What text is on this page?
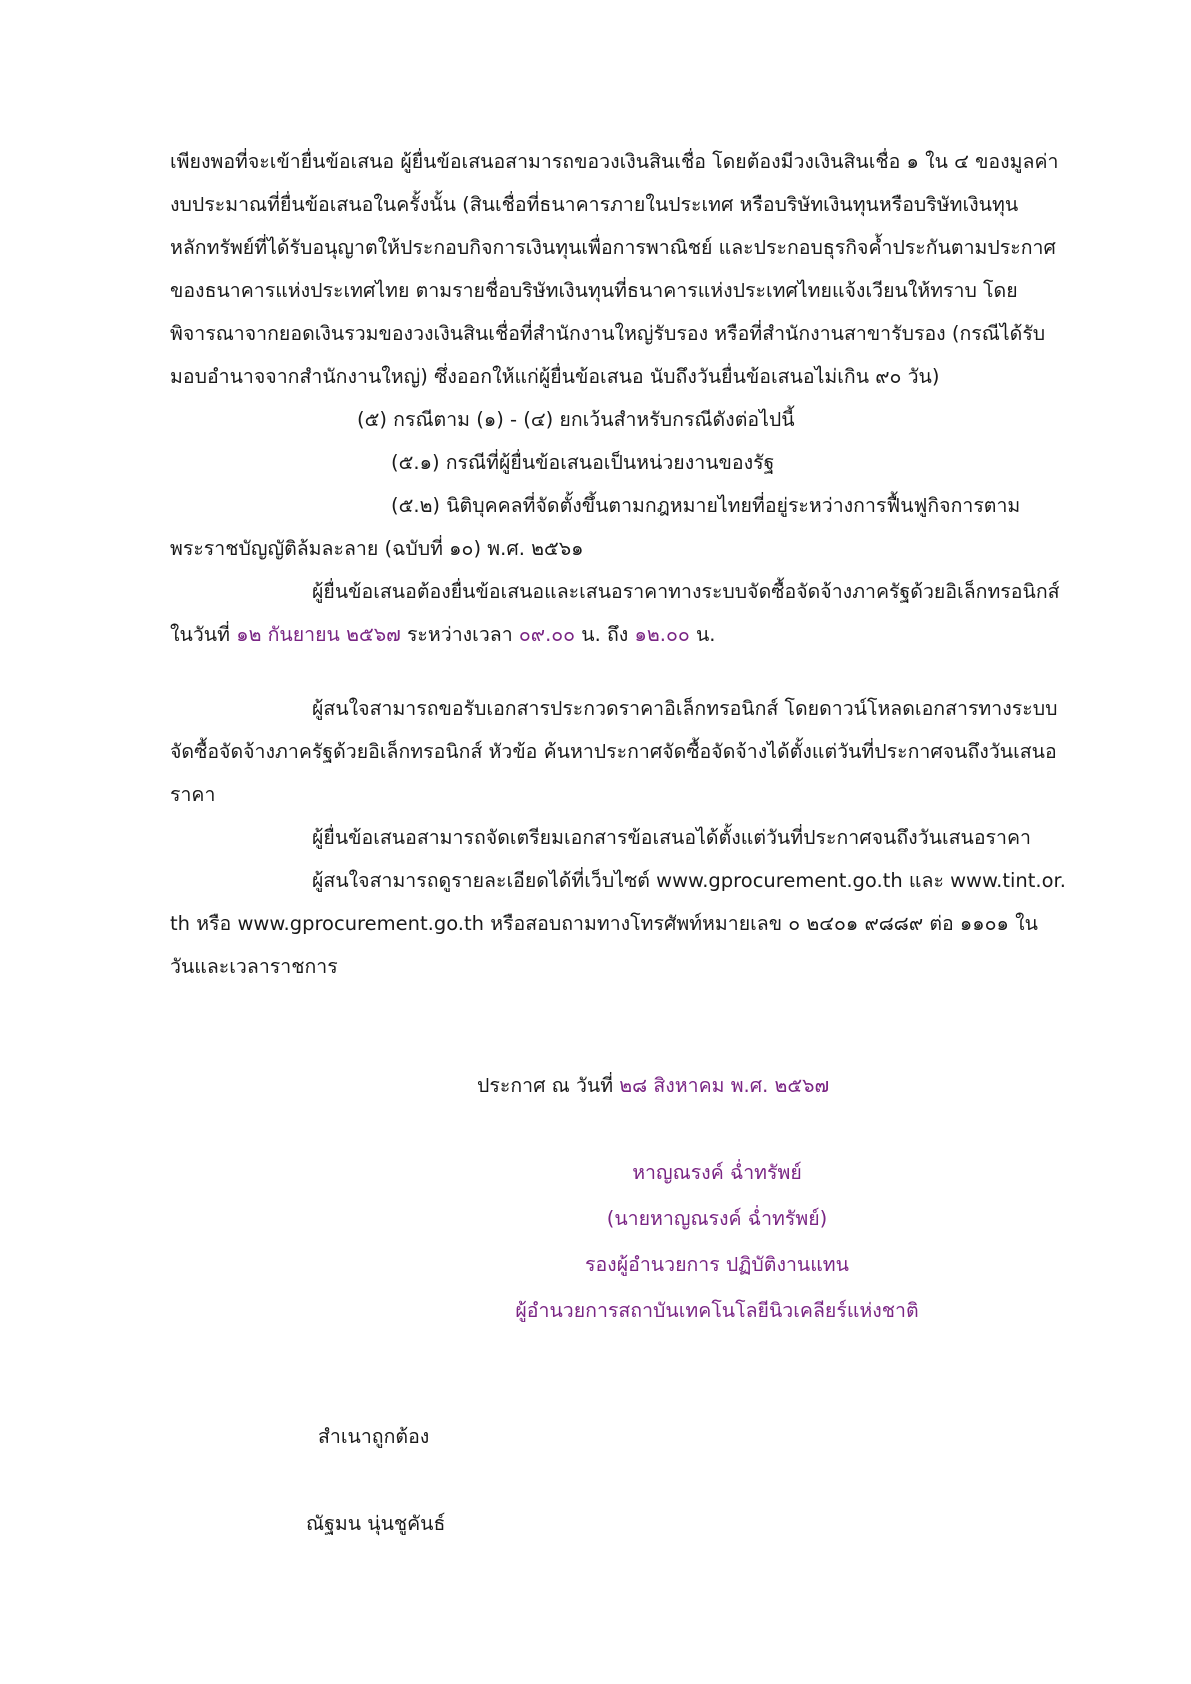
เพียงพอที่จะเข้ายื่นข้อเสนอ ผู้ยื่นข้อเสนอสามารถขอวงเงินสินเชื่อ โดยต้องมีวงเงินสินเชื่อ ๑ ใน ๔ ของมูลค่า
งบประมาณที่ยื่นข้อเสนอในครั้งนั้น (สินเชื่อที่ธนาคารภายในประเทศ หรือบริษัทเงินทุนหรือบริษัทเงินทุน
หลักทรัพย์ที่ได้รับอนุญาตให้ประกอบกิจการเงินทุนเพื่อการพาณิชย์ และประกอบธุรกิจค้ำประกันตามประกาศ
ของธนาคารแห่งประเทศไทย ตามรายชื่อบริษัทเงินทุนที่ธนาคารแห่งประเทศไทยแจ้งเวียนให้ทราบ โดย
พิจารณาจากยอดเงินรวมของวงเงินสินเชื่อที่สำนักงานใหญ่รับรอง หรือที่สำนักงานสาขารับรอง (กรณีได้รับ
มอบอำนาจจากสำนักงานใหญ่) ซึ่งออกให้แก่ผู้ยื่นข้อเสนอ นับถึงวันยื่นข้อเสนอไม่เกิน ๙๐ วัน)
(๕) กรณีตาม (๑) - (๔) ยกเว้นสำหรับกรณีดังต่อไปนี้
(๕.๑) กรณีที่ผู้ยื่นข้อเสนอเป็นหน่วยงานของรัฐ
(๕.๒) นิติบุคคลที่จัดตั้งขึ้นตามกฎหมายไทยที่อยู่ระหว่างการฟื้นฟูกิจการตาม
พระราชบัญญัติล้มละลาย (ฉบับที่ ๑๐) พ.ศ. ๒๕๖๑
ผู้ยื่นข้อเสนอต้องยื่นข้อเสนอและเสนอราคาทางระบบจัดซื้อจัดจ้างภาครัฐด้วยอิเล็กทรอนิกส์
ในวันที่ ๑๒ กันยายน ๒๕๖๗ ระหว่างเวลา ๐๙.๐๐ น. ถึง ๑๒.๐๐ น.
ผู้สนใจสามารถขอรับเอกสารประกวดราคาอิเล็กทรอนิกส์ โดยดาวน์โหลดเอกสารทางระบบ
จัดซื้อจัดจ้างภาครัฐด้วยอิเล็กทรอนิกส์ หัวข้อ ค้นหาประกาศจัดซื้อจัดจ้างได้ตั้งแต่วันที่ประกาศจนถึงวันเสนอ
ราคา
ผู้ยื่นข้อเสนอสามารถจัดเตรียมเอกสารข้อเสนอได้ตั้งแต่วันที่ประกาศจนถึงวันเสนอราคา
ผู้สนใจสามารถดูรายละเอียดได้ที่เว็บไซต์ www.gprocurement.go.th และ www.tint.or.
th หรือ www.gprocurement.go.th หรือสอบถามทางโทรศัพท์หมายเลข ๐ ๒๔๐๑ ๙๘๘๙ ต่อ ๑๑๐๑ ใน
วันและเวลาราชการ
ประกาศ ณ วันที่ ๒๘ สิงหาคม พ.ศ. ๒๕๖๗
หาญณรงค์ ฉ่ำทรัพย์
(นายหาญณรงค์ ฉ่ำทรัพย์)
รองผู้อำนวยการ ปฏิบัติงานแทน
ผู้อำนวยการสถาบันเทคโนโลยีนิวเคลียร์แห่งชาติ
สำเนาถูกต้อง
ณัฐมน นุ่นชูคันธ์
